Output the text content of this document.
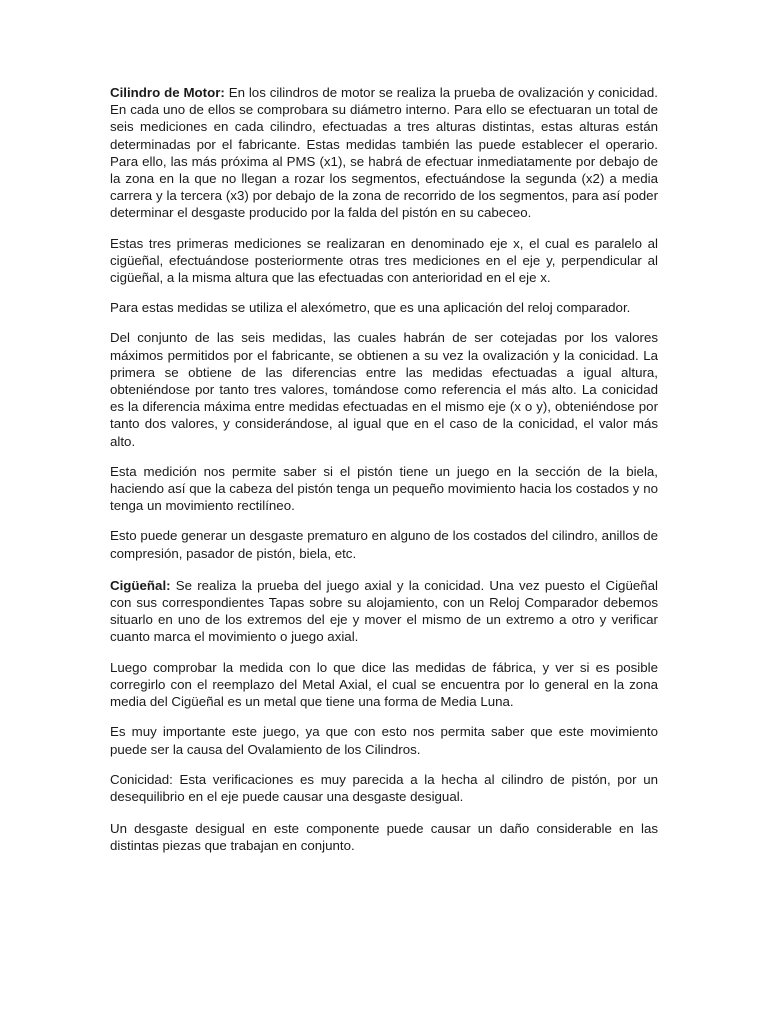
Cilindro de Motor: En los cilindros de motor se realiza la prueba de ovalización y conicidad. En cada uno de ellos se comprobara su diámetro interno. Para ello se efectuaran un total de seis mediciones en cada cilindro, efectuadas a tres alturas distintas, estas alturas están determinadas por el fabricante. Estas medidas también las puede establecer el operario. Para ello, las más próxima al PMS (x1), se habrá de efectuar inmediatamente por debajo de la zona en la que no llegan a rozar los segmentos, efectuándose la segunda (x2) a media carrera y la tercera (x3) por debajo de la zona de recorrido de los segmentos, para así poder determinar el desgaste producido por la falda del pistón en su cabeceo.

Estas tres primeras mediciones se realizaran en denominado eje x, el cual es paralelo al cigüeñal, efectuándose posteriormente otras tres mediciones en el eje y, perpendicular al cigüeñal, a la misma altura que las efectuadas con anterioridad en el eje x.

Para estas medidas se utiliza el alexómetro, que es una aplicación del reloj comparador.

Del conjunto de las seis medidas, las cuales habrán de ser cotejadas por los valores máximos permitidos por el fabricante, se obtienen a su vez la ovalización y la conicidad. La primera se obtiene de las diferencias entre las medidas efectuadas a igual altura, obteniéndose por tanto tres valores, tomándose como referencia el más alto. La conicidad es la diferencia máxima entre medidas efectuadas en el mismo eje (x o y), obteniéndose por tanto dos valores, y considerándose, al igual que en el caso de la conicidad, el valor más alto.

Esta medición nos permite saber si el pistón tiene un juego en la sección de la biela, haciendo así que la cabeza del pistón tenga un pequeño movimiento hacia los costados y no tenga un movimiento rectilíneo.

Esto puede generar un desgaste prematuro en alguno de los costados del cilindro, anillos de compresión, pasador de pistón, biela, etc.

Cigüeñal: Se realiza la prueba del juego axial y la conicidad. Una vez puesto el Cigüeñal con sus correspondientes Tapas sobre su alojamiento, con un Reloj Comparador debemos situarlo en uno de los extremos del eje y mover el mismo de un extremo a otro y verificar cuanto marca el movimiento o juego axial.

Luego comprobar la medida con lo que dice las medidas de fábrica, y ver si es posible corregirlo con el reemplazo del Metal Axial, el cual se encuentra por lo general en la zona media del Cigüeñal es un metal que tiene una forma de Media Luna.

Es muy importante este juego, ya que con esto nos permita saber que este movimiento puede ser la causa del Ovalamiento de los Cilindros.

Conicidad: Esta verificaciones es muy parecida a la hecha al cilindro de pistón, por un desequilibrio en el eje puede causar una desgaste desigual.

Un desgaste desigual en este componente puede causar un daño considerable en las distintas piezas que trabajan en conjunto.
